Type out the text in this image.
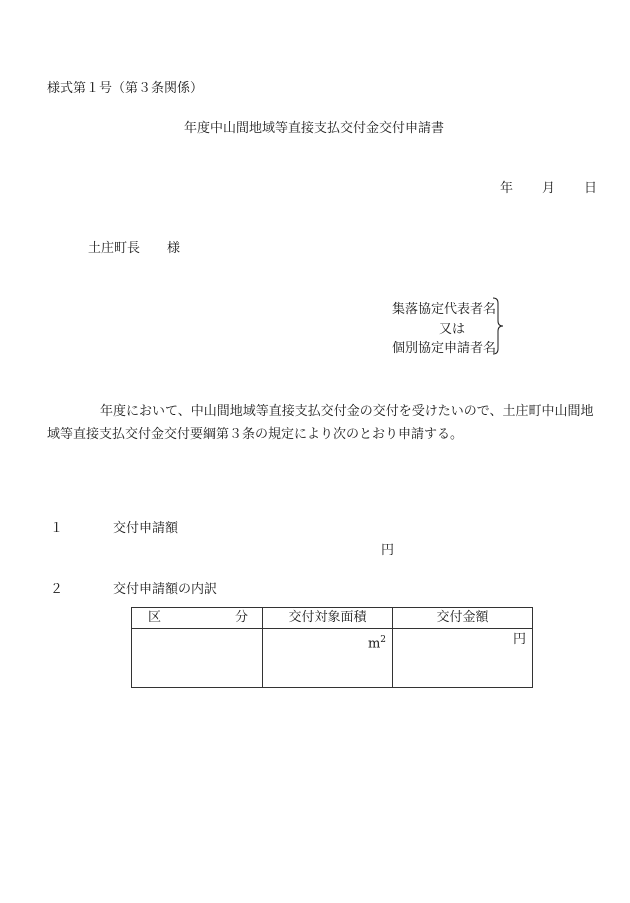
様式第１号（第３条関係）
年度中山間地域等直接支払交付金交付申請書
年 月 日
土庄町長 様
集落協定代表者名
又は
個別協定申請者名
年度において、中山間地域等直接支払交付金の交付を受けたいので、土庄町中山間地域等直接支払交付金交付要綱第３条の規定により次のとおり申請する。
１	交付申請額
円
２	交付申請額の内訳
区 分	交付対象面積	交付金額
	$m^2$	円
